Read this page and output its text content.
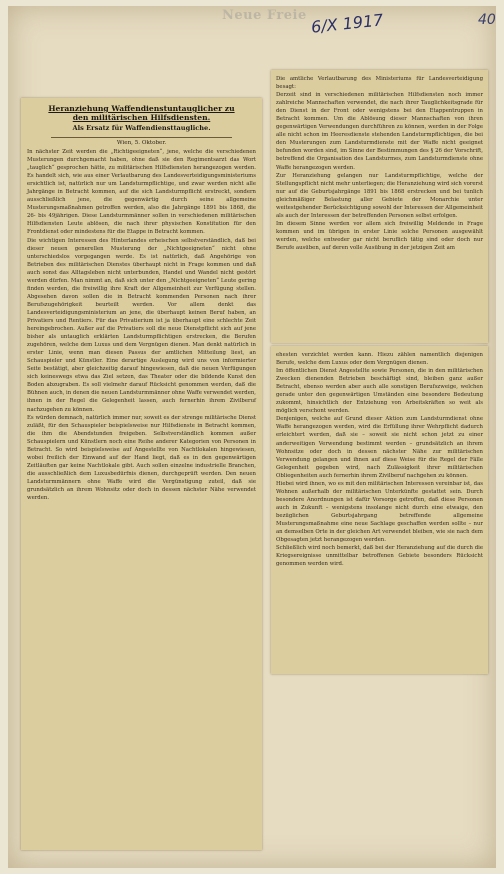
Neue Freie 6/X 1917	40
Heranziehung Waffendienstuntauglicher zu
den militärischen Hilfsdiensten.
Als Ersatz für Waffendiensttaugliche.
Wien, 5. Oktober.

In nächster Zeit werden die „Richtigeeigneten“, jene, welche die verschiedenen Musterungen durchgemacht haben, ohne daß sie den Regimentsarzt das Wort „tauglich“ gesprochen hätte, zu militärischen Hilfsdiensten herangezogen werden. Es handelt sich, wie aus einer Verlautbarung des Landesverteidigungsministeriums ersichtlich ist, natürlich nur um Landsturmpflichtige, und zwar werden nicht alle Jahrgänge in Betracht kommen, auf die sich Landsturmpflicht erstreckt, sondern ausschließlich jene, die gegenwärtig durch seine allgemeine Musterungsmaßnahmen getroffen werden, also die Jahrgänge 1891 bis 1868, die 26- bis 49jährigen. Diese Landsturmmänner sollen in verschiedenen militärischen Hilfsdiensten Leute ablösen, die nach ihrer physischen Konstitution für den Frontdienst oder mindestens für die Etappe in Betracht kommen.

Die wichtigen Interessen des Hinterlandes erheischen selbstverständlich, daß bei dieser neuen generellen Musterung der „Nichtgeeigneten“ nicht ohne unterschiedslos vorgegangen werde. Es ist natürlich, daß Angehörige von Betrieben des militärischen Dienstes überhaupt nicht in Frage kommen und daß auch sonst das Alltagsleben nicht unterbunden, Handel und Wandel nicht gestört werden dürfen. Man nimmt an, daß sich unter den „Nichtgeeigneten“ Leute gering finden werden, die freiwillig ihre Kraft der Allgemeinheit zur Verfügung stellen. Abgesehen davon sollen die in Betracht kommenden Personen nach ihrer Berufszugehörigkeit beurteilt werden. Vor allem denkt das Landesverteidigungsministerium an jene, die überhaupt keinen Beruf haben, an Privatiers und Rentiers. Für das Privatierium ist ja überhaupt eine schlechte Zeit hereingebrochen. Außer auf die Privatiers soll die neue Dienstpflicht sich auf jene bisher als untauglich erklärten Landsturmpflichtigen erstrecken, die Berufen zugehören, welche dem Luxus und dem Vergnügen dienen. Man denkt natürlich in erster Linie, wenn man diesen Passus der amtlichen Mitteilung liest, an Schauspieler und Künstler. Eine derartige Auslegung wird uns von informierter Seite bestätigt, aber gleichzeitig darauf hingewiesen, daß die neuen Verfügungen sich keineswegs etwa das Ziel setzen, das Theater oder die bildende Kunst den Boden abzugraben. Es soll vielmehr darauf Rücksicht genommen werden, daß die Bühnen auch, in denen die neuen Landsturmmänner ohne Waffe verwendet werden, ihnen in der Regel die Gelegenheit lassen, auch fernerhin ihrem Zivilberuf nachzugehen zu können.

Es würden demnach, natürlich immer nur, soweit es der strenge militärische Dienst zuläßt, für den Schauspieler beispielsweise nur Hilfsdienste in Betracht kommen, die ihm die Abendstunden freigeben. Selbstverständlich kommen außer Schauspielern und Künstlern noch eine Reihe anderer Kategorien von Personen in Betracht. So wird beispielsweise auf Angestellte von Nachtlokalen hingewiesen, wobei freilich der Einwand auf der Hand liegt, daß es in den gegenwärtigen Zeitläuften gar keine Nachtlokale gibt. Auch sollen einzelne industrielle Branchen, die ausschließlich dem Luxusbedürfnis dienen, durchgeprüft werden. Den neuen Landsturmmännern ohne Waffe wird die Vergünstigung zuteil, daß sie grundsätzlich an ihrem Wohnsitz oder doch in dessen nächster Nähe verwendet werden.

Die amtliche Verlautbarung des Ministeriums für Landesverteidigung besagt:

Derzeit sind in verschiedenen militärischen Hilfsdiensten noch immer zahlreiche Mannschaften verwendet, die nach ihrer Tauglichkeitsgrade für den Dienst in der Front oder wenigstens bei den Etappentruppen in Betracht kommen. Um die Ablösung dieser Mannschaften von ihren gegenwärtigen Verwendungen durchführen zu können, werden in der Folge alle nicht schon im Heeresdienste stehenden Landsturmpflichtigen, die bei den Musterungen zum Landsturmdienste mit der Waffe nicht geeignet befunden worden sind, im Sinne der Bestimmungen des § 26 der Vorschrift, betreffend die Organisation des Landsturmes, zum Landsturmdienste ohne Waffe herangezogen werden.

Zur Heranziehung gelangen nur Landsturmpflichtige, welche der Stellungspflicht nicht mehr unterliegen; die Heranziehung wird sich vorerst nur auf die Geburtsjahrgänge 1891 bis 1868 erstrecken und bei tunlich gleichmäßiger Belastung aller Gebiete der Monarchie unter weitestgehender Berücksichtigung sowohl der Interessen der Allgemeinheit als auch der Interessen der betreffenden Personen selbst erfolgen.

Im diesem Sinne werden vor allem sich freiwillig Meldende in Frage kommen und im übrigen in erster Linie solche Personen ausgewählt werden, welche entweder gar nicht beruflich tätig sind oder doch nur Berufe ausüben, auf deren volle Ausübung in der jetzigen Zeit am

ehesten verzichtet werden kann. Hiezu zählen namentlich diejenigen Berufe, welche dem Luxus oder dem Vergnügen dienen.

Im öffentlichen Dienst Angestellte sowie Personen, die in den militärischen Zwecken dienenden Betrieben beschäftigt sind, bleiben ganz außer Betracht, ebenso werden aber auch alle sonstigen Berufszweige, welchen gerade unter den gegenwärtigen Umständen eine besondere Bedeutung zukommt, hinsichtlich der Entziehung von Arbeitskräften so weit als möglich verschont werden.

Denjenigen, welche auf Grund dieser Aktion zum Landsturmdienst ohne Waffe herangezogen werden, wird die Erfüllung ihrer Wehrpflicht dadurch erleichtert werden, daß sie – soweit sie nicht schon jetzt zu einer anderweitigen Verwendung bestimmt werden – grundsätzlich an ihrem Wohnsitze oder doch in dessen nächster Nähe zur militärischen Verwendung gelangen und ihnen auf diese Weise für die Regel der Fälle Gelegenheit gegeben wird, nach Zulässigkeit ihrer militärischen Obliegenheiten auch fernerhin ihrem Zivilberuf nachgehen zu können.

Hiebei wird ihnen, wo es mit den militärischen Interessen vereinbar ist, das Wohnen außerhalb der militärischen Unterkünfte gestattet sein. Durch besondere Anordnungen ist dafür Vorsorge getroffen, daß diese Personen auch in Zukunft – wenigstens insolange nicht durch eine etwaige, den bezüglichen Geburtsjahrgang betreffende allgemeine Musterungsmaßnahme eine neue Sachlage geschaffen werden sollte – nur an demselben Orte in der gleichen Art verwendet bleiben, wie sie nach dem Obgesagten jetzt herangezogen werden.

Schließlich wird noch bemerkt, daß bei der Heranziehung auf die durch die Kriegsereignisse unmittelbar betroffenen Gebiete besonders Rücksicht genommen werden wird.
